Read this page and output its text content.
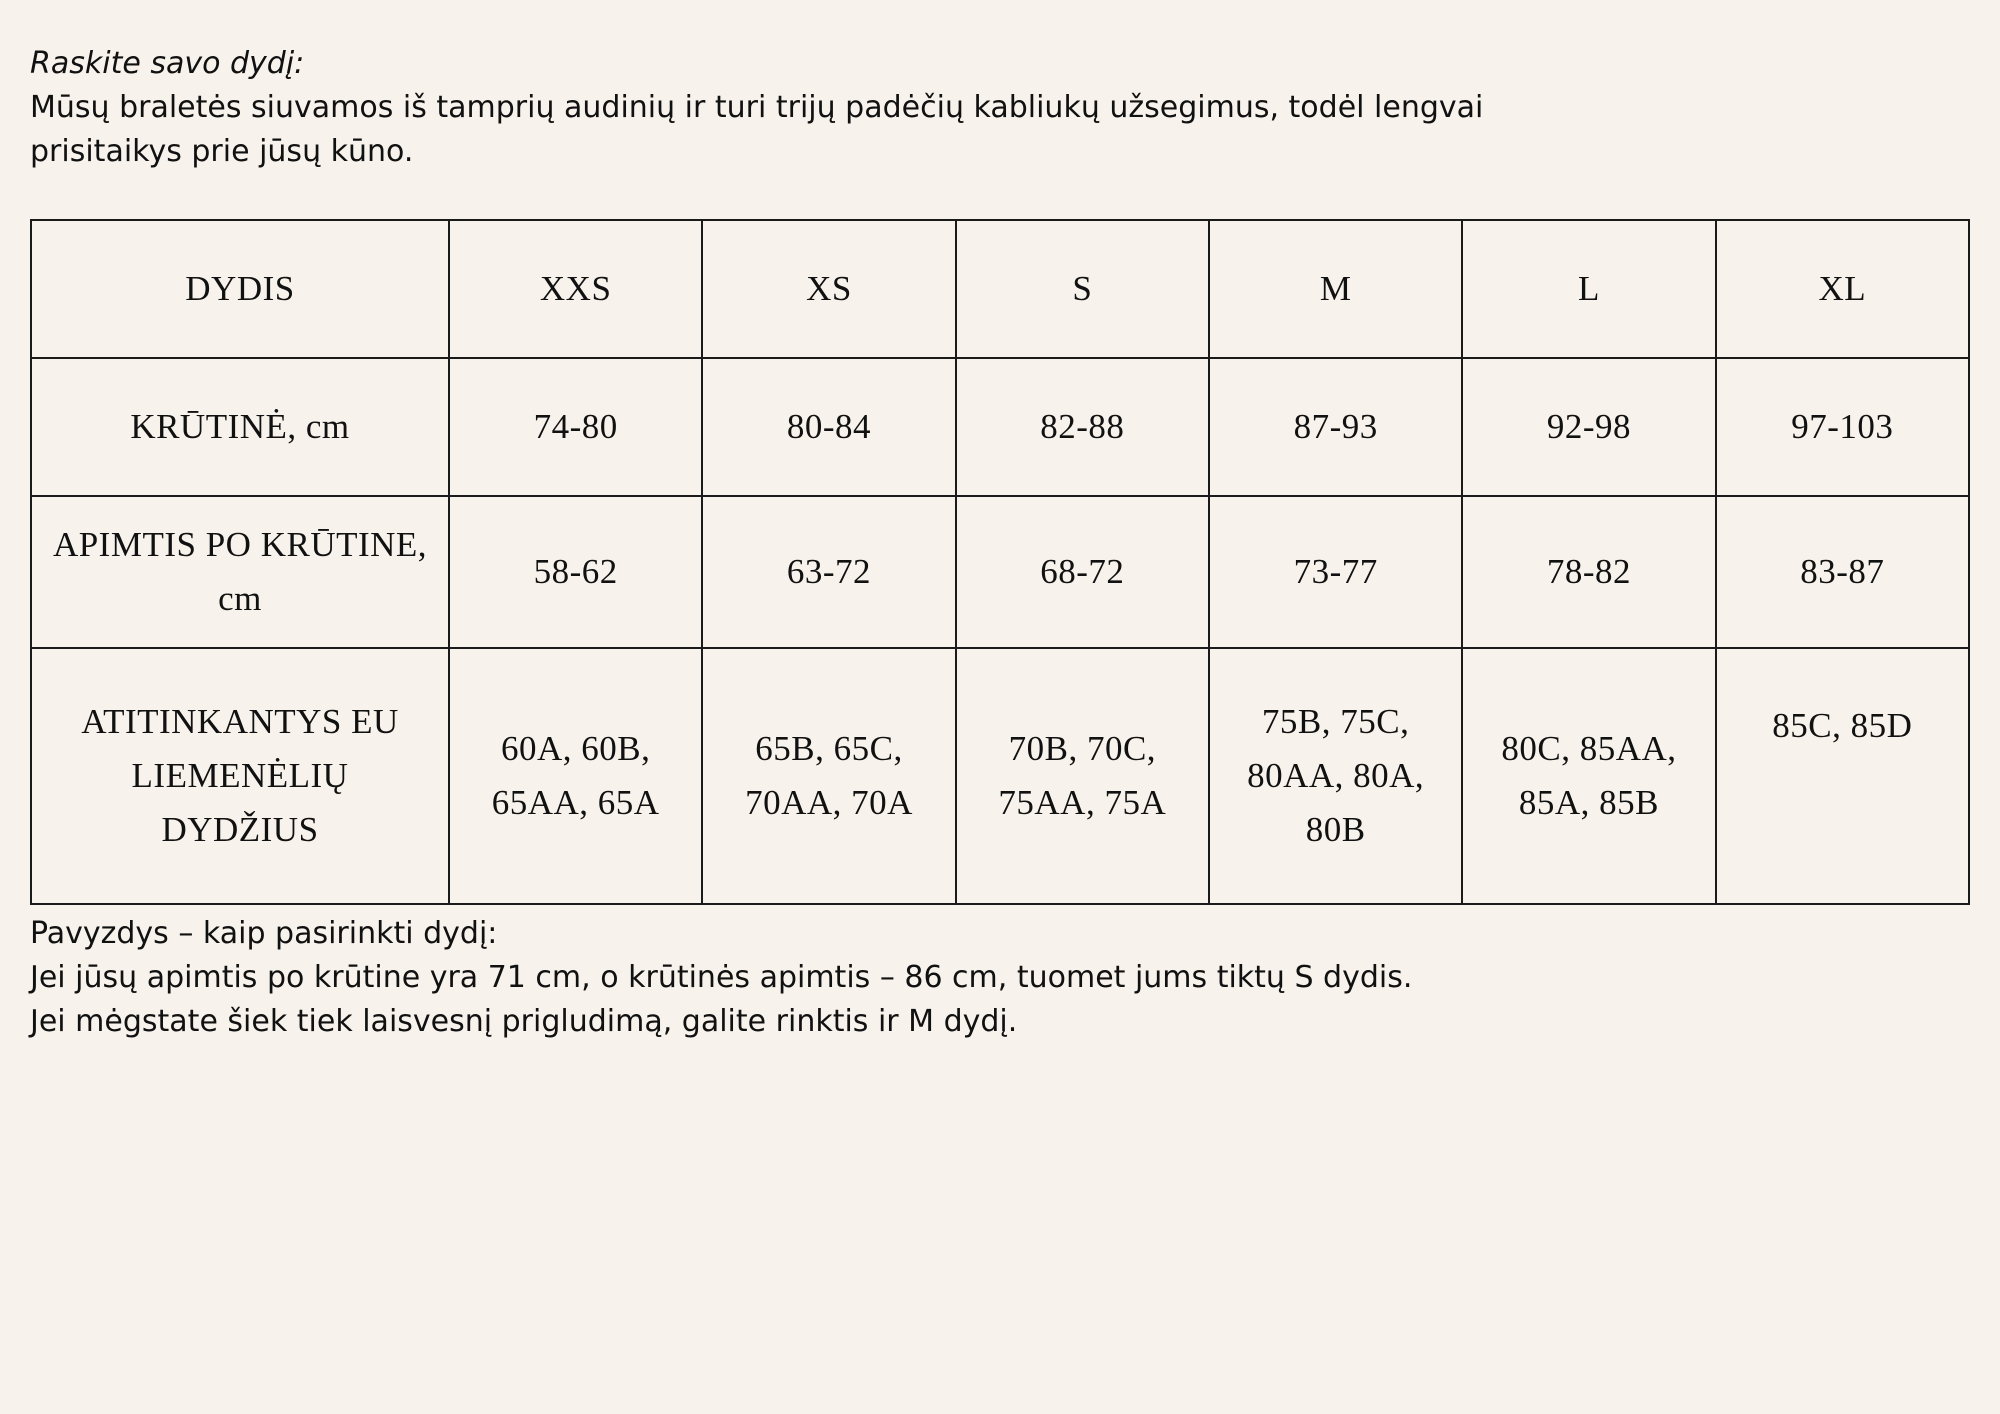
Raskite savo dydį:
Mūsų braletės siuvamos iš tamprių audinių ir turi trijų padėčių kabliukų užsegimus, todėl lengvai prisitaikys prie jūsų kūno.
DYDIS	XXS	XS	S	M	L	XL
KRŪTINĖ, cm	74-80	80-84	82-88	87-93	92-98	97-103
APIMTIS PO KRŪTINE, cm	58-62	63-72	68-72	73-77	78-82	83-87
ATITINKANTYS EU LIEMENĖLIŲ DYDŽIUS	60A, 60B, 65AA, 65A	65B, 65C, 70AA, 70A	70B, 70C, 75AA, 75A	75B, 75C, 80AA, 80A, 80B	80C, 85AA, 85A, 85B	85C, 85D
Pavyzdys – kaip pasirinkti dydį:
Jei jūsų apimtis po krūtine yra 71 cm, o krūtinės apimtis – 86 cm, tuomet jums tiktų S dydis.
Jei mėgstate šiek tiek laisvesnį prigludimą, galite rinktis ir M dydį.
